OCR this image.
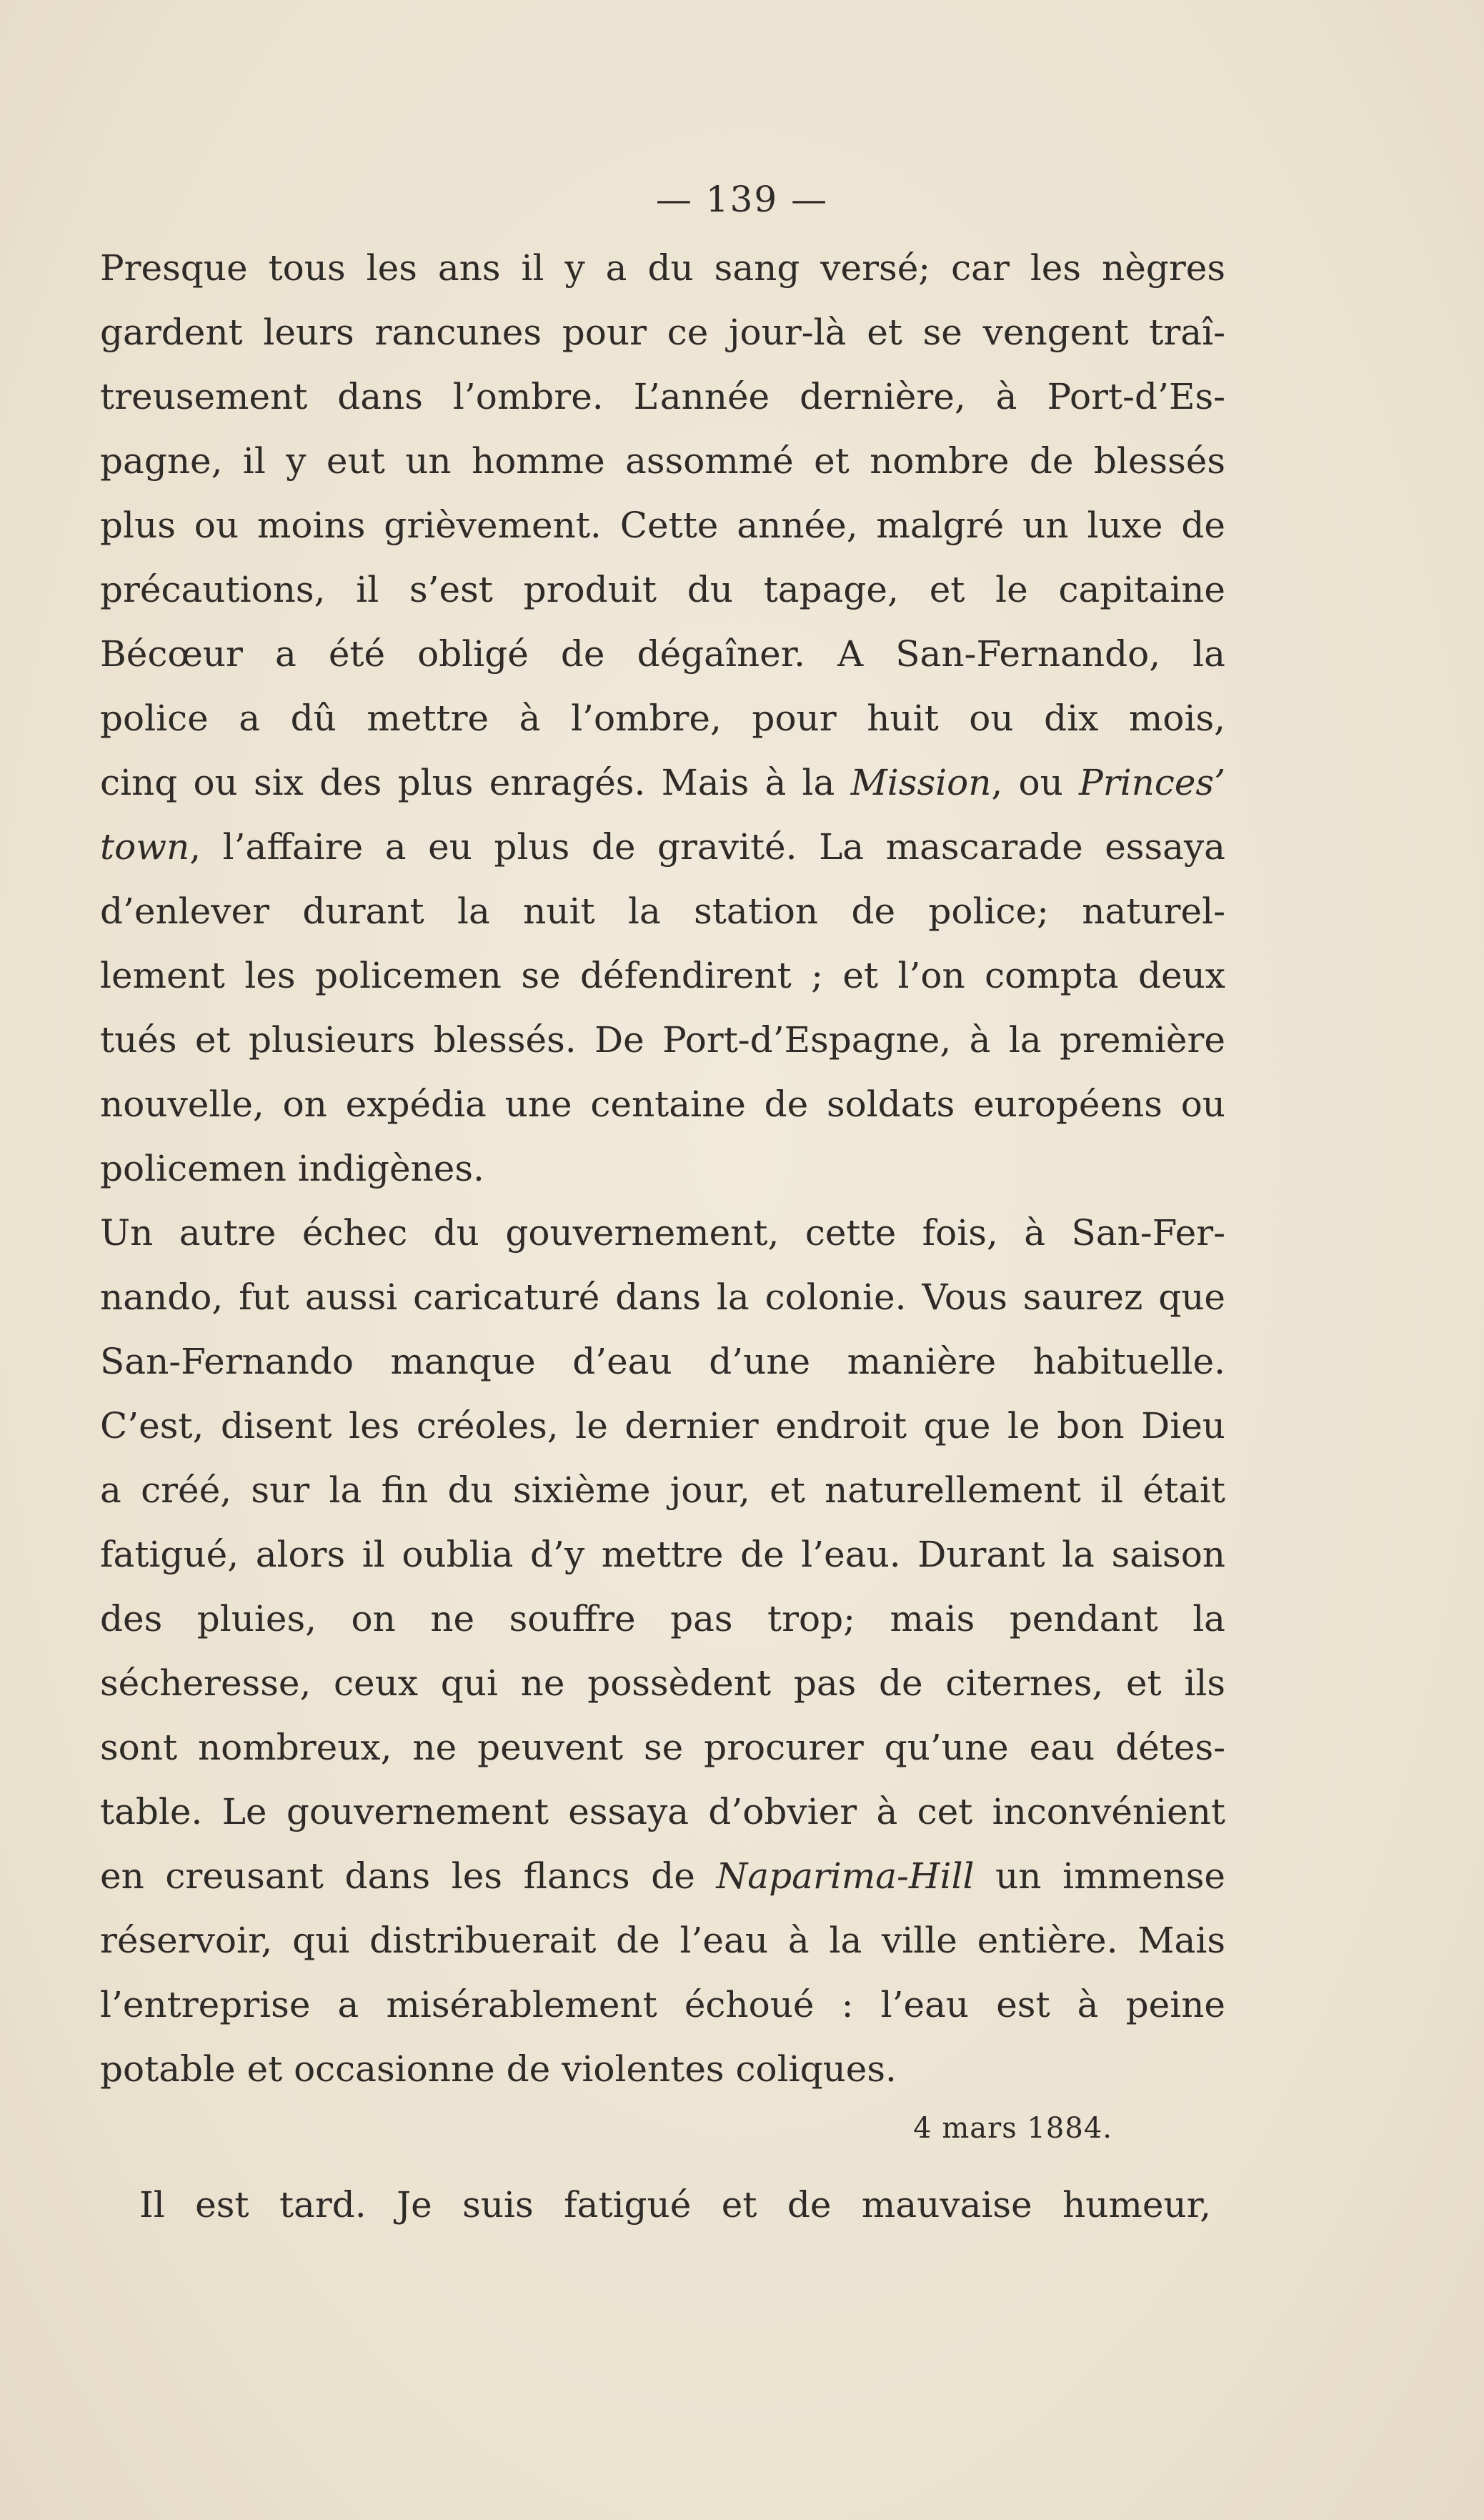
— 139 —
Presque tous les ans il y a du sang versé; car les nègres
gardent leurs rancunes pour ce jour-là et se vengent traî-
treusement dans l’ombre. L’année dernière, à Port-d’Es-
pagne, il y eut un homme assommé et nombre de blessés
plus ou moins grièvement. Cette année, malgré un luxe de
précautions, il s’est produit du tapage, et le capitaine
Bécœur a été obligé de dégaîner. A San-Fernando, la
police a dû mettre à l’ombre, pour huit ou dix mois,
cinq ou six des plus enragés. Mais à la Mission, ou Princes’
town, l’affaire a eu plus de gravité. La mascarade essaya
d’enlever durant la nuit la station de police; naturel-
lement les policemen se défendirent ; et l’on compta deux
tués et plusieurs blessés. De Port-d’Espagne, à la première
nouvelle, on expédia une centaine de soldats européens ou
policemen indigènes.
Un autre échec du gouvernement, cette fois, à San-Fer-
nando, fut aussi caricaturé dans la colonie. Vous saurez que
San-Fernando manque d’eau d’une manière habituelle.
C’est, disent les créoles, le dernier endroit que le bon Dieu
a créé, sur la fin du sixième jour, et naturellement il était
fatigué, alors il oublia d’y mettre de l’eau. Durant la saison
des pluies, on ne souffre pas trop; mais pendant la
sécheresse, ceux qui ne possèdent pas de citernes, et ils
sont nombreux, ne peuvent se procurer qu’une eau détes-
table. Le gouvernement essaya d’obvier à cet inconvénient
en creusant dans les flancs de Naparima-Hill un immense
réservoir, qui distribuerait de l’eau à la ville entière. Mais
l’entreprise a misérablement échoué : l’eau est à peine
potable et occasionne de violentes coliques.
4 mars 1884.
Il est tard. Je suis fatigué et de mauvaise humeur,
